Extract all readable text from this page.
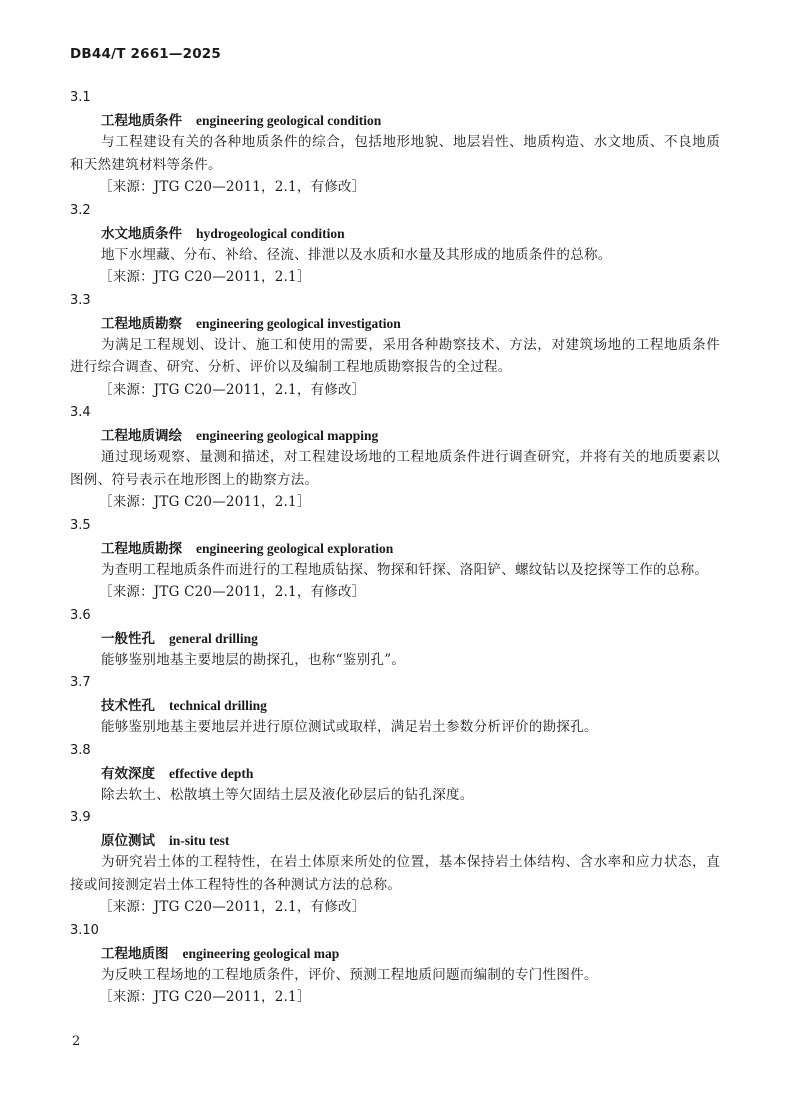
DB44/T 2661—2025
3.1
工程地质条件 engineering geological condition
与工程建设有关的各种地质条件的综合，包括地形地貌、地层岩性、地质构造、水文地质、不良地质和天然建筑材料等条件。
［来源：JTG C20—2011，2.1，有修改］
3.2
水文地质条件 hydrogeological condition
地下水埋藏、分布、补给、径流、排泄以及水质和水量及其形成的地质条件的总称。
［来源：JTG C20—2011，2.1］
3.3
工程地质勘察 engineering geological investigation
为满足工程规划、设计、施工和使用的需要，采用各种勘察技术、方法，对建筑场地的工程地质条件进行综合调查、研究、分析、评价以及编制工程地质勘察报告的全过程。
［来源：JTG C20—2011，2.1，有修改］
3.4
工程地质调绘 engineering geological mapping
通过现场观察、量测和描述，对工程建设场地的工程地质条件进行调查研究，并将有关的地质要素以图例、符号表示在地形图上的勘察方法。
［来源：JTG C20—2011，2.1］
3.5
工程地质勘探 engineering geological exploration
为查明工程地质条件而进行的工程地质钻探、物探和钎探、洛阳铲、螺纹钻以及挖探等工作的总称。
［来源：JTG C20—2011，2.1，有修改］
3.6
一般性孔 general drilling
能够鉴别地基主要地层的勘探孔，也称“鉴别孔”。
3.7
技术性孔 technical drilling
能够鉴别地基主要地层并进行原位测试或取样，满足岩土参数分析评价的勘探孔。
3.8
有效深度 effective depth
除去软土、松散填土等欠固结土层及液化砂层后的钻孔深度。
3.9
原位测试 in-situ test
为研究岩土体的工程特性，在岩土体原来所处的位置，基本保持岩土体结构、含水率和应力状态，直接或间接测定岩土体工程特性的各种测试方法的总称。
［来源：JTG C20—2011，2.1，有修改］
3.10
工程地质图 engineering geological map
为反映工程场地的工程地质条件，评价、预测工程地质问题而编制的专门性图件。
［来源：JTG C20—2011，2.1］
2
